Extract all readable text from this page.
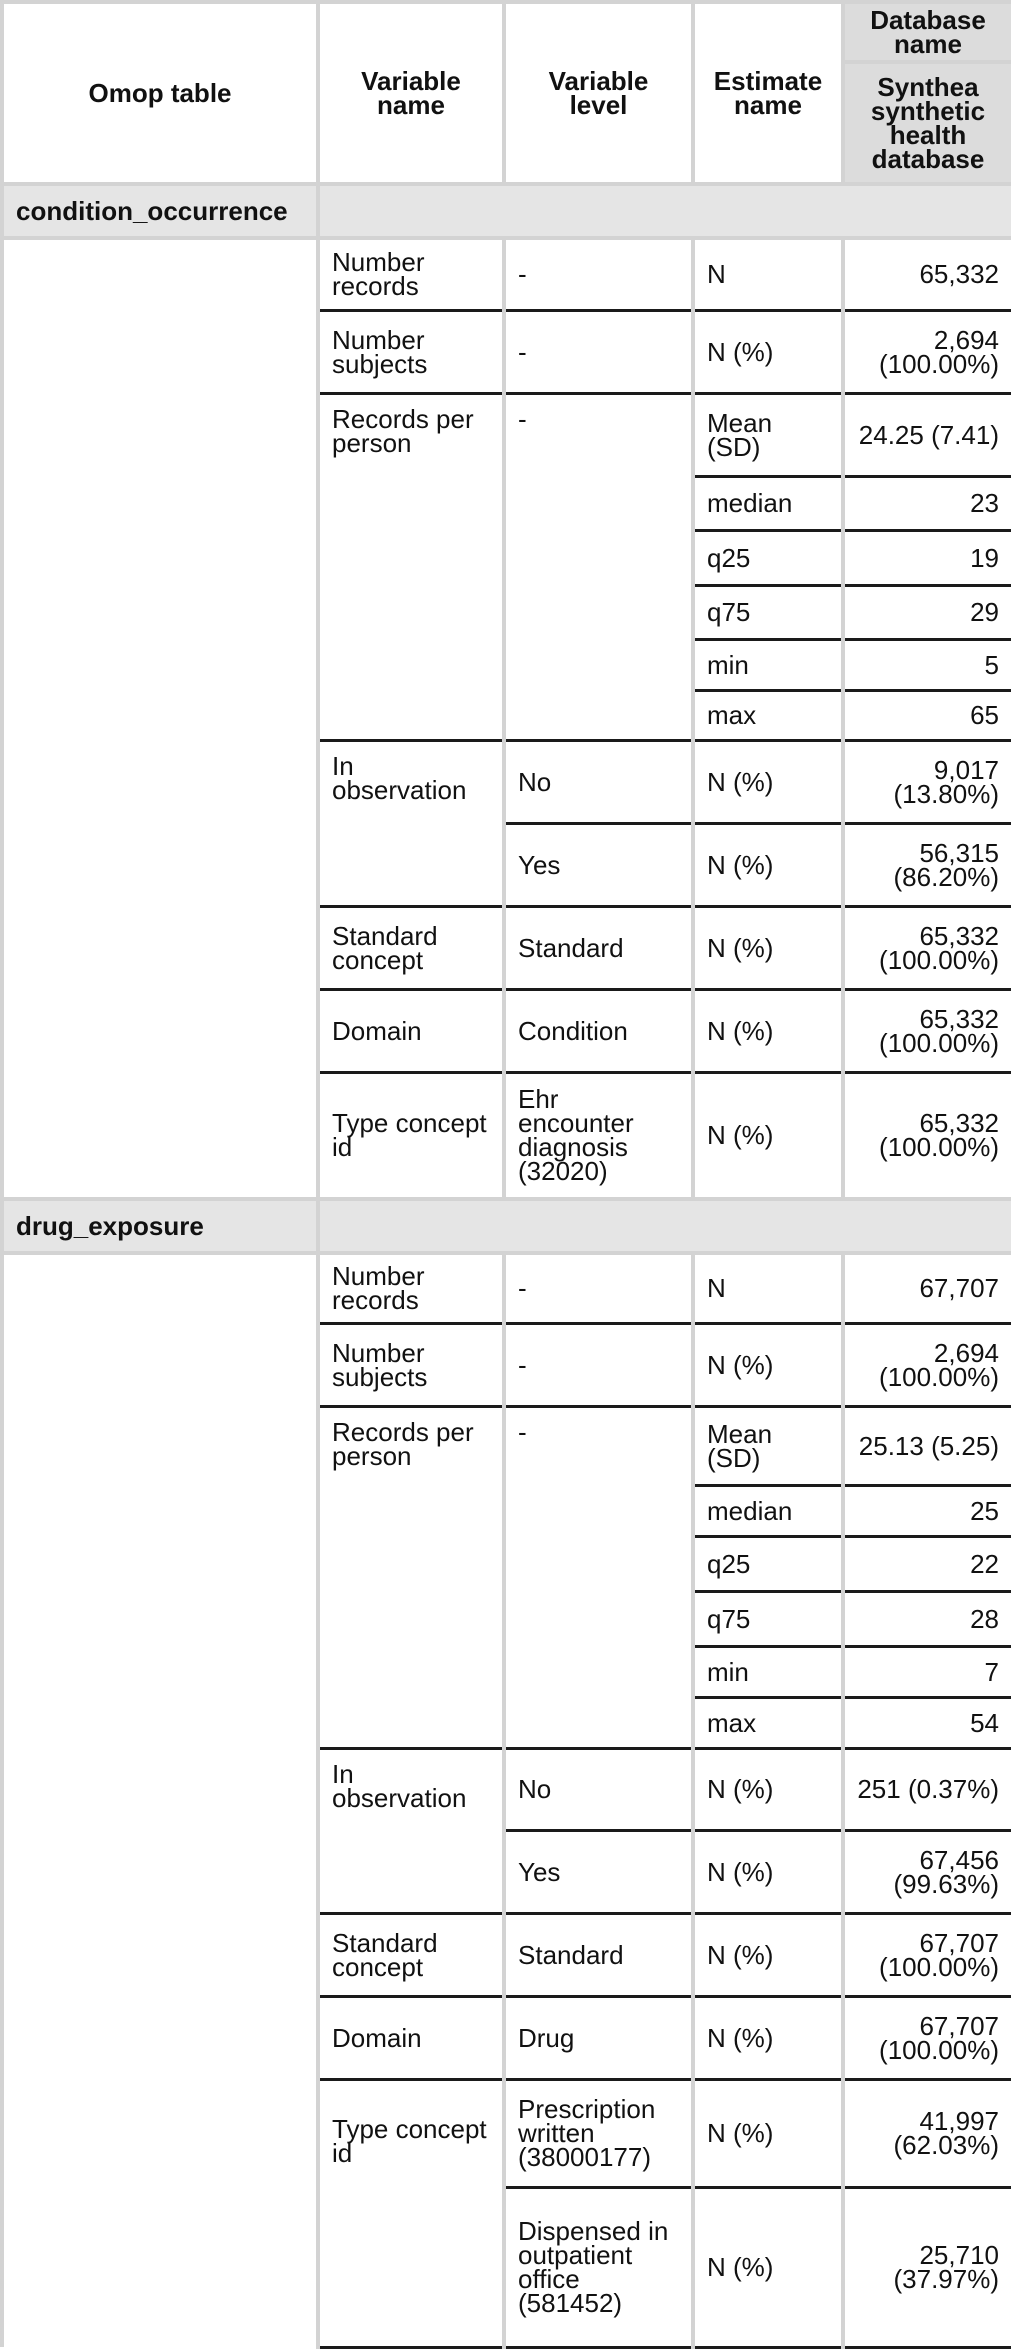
Omop table	Variable name	Variable level	Estimate name	Database name
				Synthea synthetic health database
condition_occurrence				
	Number records	-	N	65,332
	Number subjects	-	N (%)	2,694 (100.00%)
	Records per person	-	Mean (SD)	24.25 (7.41)
			median	23
			q25	19
			q75	29
			min	5
			max	65
	In observation	No	N (%)	9,017 (13.80%)
		Yes	N (%)	56,315 (86.20%)
	Standard concept	Standard	N (%)	65,332 (100.00%)
	Domain	Condition	N (%)	65,332 (100.00%)
	Type concept id	Ehr encounter diagnosis (32020)	N (%)	65,332 (100.00%)
drug_exposure				
	Number records	-	N	67,707
	Number subjects	-	N (%)	2,694 (100.00%)
	Records per person	-	Mean (SD)	25.13 (5.25)
			median	25
			q25	22
			q75	28
			min	7
			max	54
	In observation	No	N (%)	251 (0.37%)
		Yes	N (%)	67,456 (99.63%)
	Standard concept	Standard	N (%)	67,707 (100.00%)
	Domain	Drug	N (%)	67,707 (100.00%)
	Type concept id	Prescription written (38000177)	N (%)	41,997 (62.03%)
		Dispensed in outpatient office (581452)	N (%)	25,710 (37.97%)
